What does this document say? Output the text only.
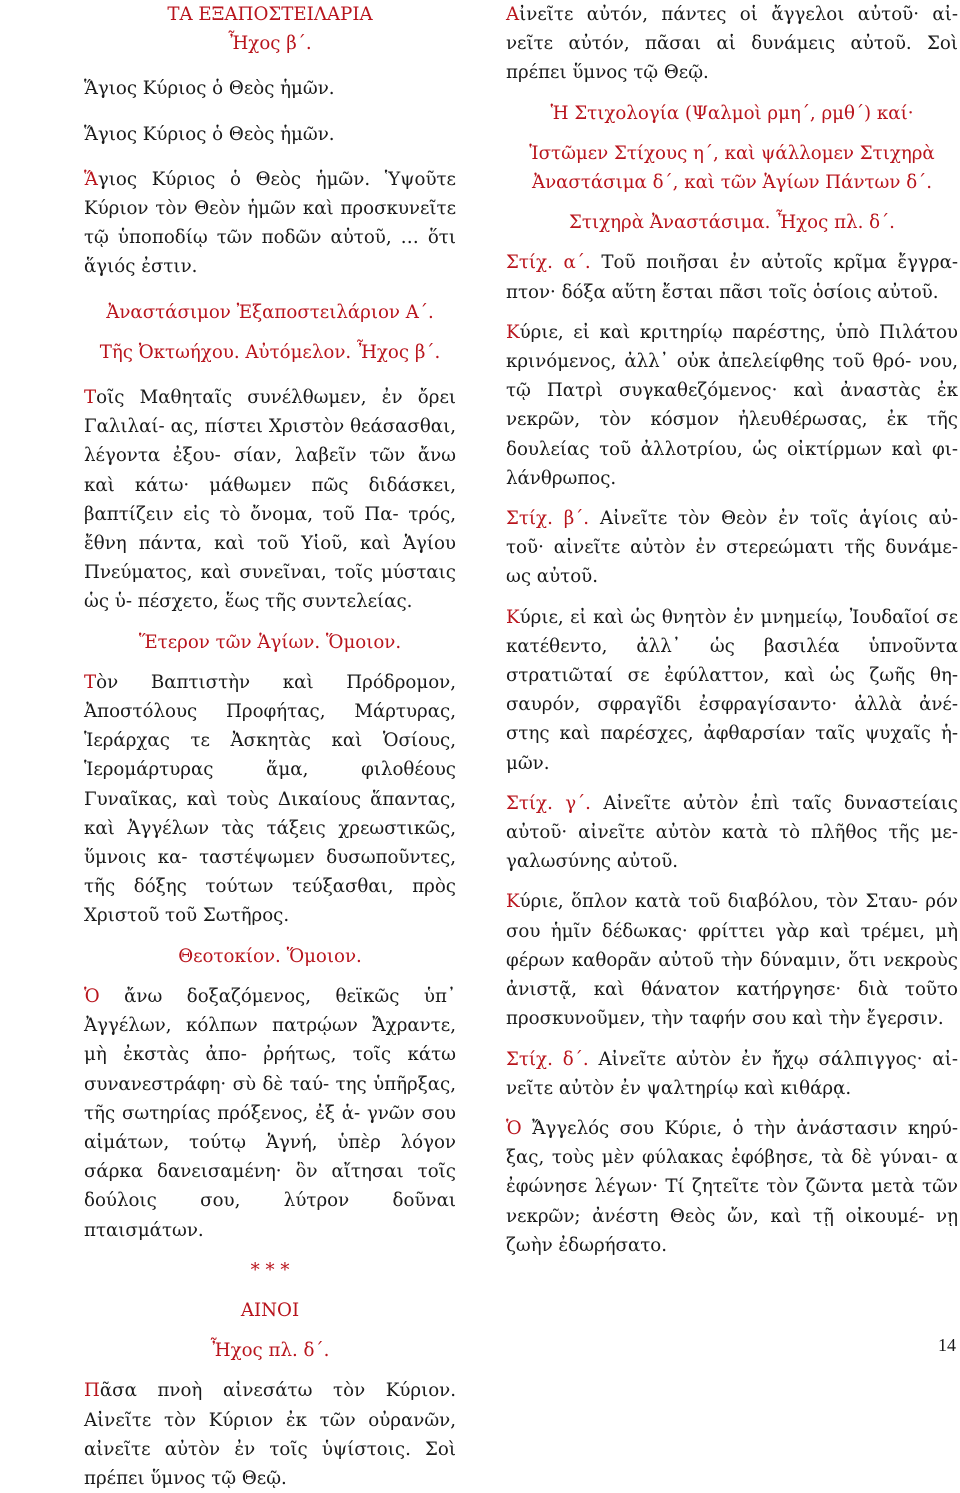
ΤΑ ΕΞΑΠΟΣΤΕΙΛΑΡΙΑ

Ἦχος β΄.

Ἅγιος Κύριος ὁ Θεὸς ἡμῶν.

Ἅγιος Κύριος ὁ Θεὸς ἡμῶν.

Ἅγιος Κύριος ὁ Θεὸς ἡμῶν. Ὑψοῦτε Κύριον τὸν Θεὸν ἡμῶν καὶ προσκυνεῖτε τῷ ὑποποδίῳ τῶν ποδῶν αὐτοῦ, … ὅτι ἅγιός ἐστιν.

Ἀναστάσιμον Ἐξαποστειλάριον Α΄.

Τῆς Ὀκτωήχου. Αὐτόμελον. Ἦχος β΄.

Τοῖς Μαθηταῖς συνέλθωμεν, ἐν ὄρει Γαλιλαί- ας, πίστει Χριστὸν θεάσασθαι, λέγοντα ἐξου- σίαν, λαβεῖν τῶν ἄνω καὶ κάτω· μάθωμεν πῶς διδάσκει, βαπτίζειν εἰς τὸ ὄνομα, τοῦ Πα- τρός, ἔθνη πάντα, καὶ τοῦ Υἱοῦ, καὶ Ἁγίου Πνεύματος, καὶ συνεῖναι, τοῖς μύσταις ὡς ὑ- πέσχετο, ἕως τῆς συντελείας.

Ἕτερον τῶν Ἁγίων. Ὅμοιον.

Τὸν Βαπτιστὴν καὶ Πρόδρομον, Ἀποστόλους Προφήτας, Μάρτυρας, Ἱεράρχας τε Ἀσκητὰς καὶ Ὁσίους, Ἱερομάρτυρας ἅμα, φιλοθέους Γυναῖκας, καὶ τοὺς Δικαίους ἅπαντας, καὶ Ἀγγέλων τὰς τάξεις χρεωστικῶς, ὕμνοις κα- ταστέψωμεν δυσωποῦντες, τῆς δόξης τούτων τεύξασθαι, πρὸς Χριστοῦ τοῦ Σωτῆρος.

Θεοτοκίον. Ὅμοιον.

Ὁ ἄνω δοξαζόμενος, θεϊκῶς ὑπ᾿ Ἀγγέλων, κόλπων πατρῴων Ἄχραντε, μὴ ἐκστὰς ἀπο- ῤρήτως, τοῖς κάτω συνανεστράφη· σὺ δὲ ταύ- της ὑπῆρξας, τῆς σωτηρίας πρόξενος, ἐξ ἁ- γνῶν σου αἱμάτων, τούτῳ Ἁγνή, ὑπὲρ λόγον σάρκα δανεισαμένη· ὃν αἴτησαι τοῖς δούλοις σου, λύτρον δοῦναι πταισμάτων.

* * *

ΑΙΝΟΙ

Ἦχος πλ. δ΄.

Πᾶσα πνοὴ αἰνεσάτω τὸν Κύριον. Αἰνεῖτε τὸν Κύριον ἐκ τῶν οὐρανῶν, αἰνεῖτε αὐτὸν ἐν τοῖς ὑψίστοις. Σοὶ πρέπει ὕμνος τῷ Θεῷ.

Αἰνεῖτε αὐτόν, πάντες οἱ ἄγγελοι αὐτοῦ· αἰ- νεῖτε αὐτόν, πᾶσαι αἱ δυνάμεις αὐτοῦ. Σοὶ πρέπει ὕμνος τῷ Θεῷ.

Ἡ Στιχολογία (Ψαλμοὶ ρμη΄, ρμθ΄) καί·

Ἱστῶμεν Στίχους η΄, καὶ ψάλλομεν Στιχηρὰ Ἀναστάσιμα δ΄, καὶ τῶν Ἁγίων Πάντων δ΄.

Στιχηρὰ Ἀναστάσιμα. Ἦχος πλ. δ΄.

Στίχ. α΄. Τοῦ ποιῆσαι ἐν αὐτοῖς κρῖμα ἔγγρα- πτον· δόξα αὕτη ἔσται πᾶσι τοῖς ὁσίοις αὐτοῦ.

Κύριε, εἰ καὶ κριτηρίῳ παρέστης, ὑπὸ Πιλάτου κρινόμενος, ἀλλ᾿ οὐκ ἀπελείφθης τοῦ θρό- νου, τῷ Πατρὶ συγκαθεζόμενος· καὶ ἀναστὰς ἐκ νεκρῶν, τὸν κόσμον ἠλευθέρωσας, ἐκ τῆς δουλείας τοῦ ἀλλοτρίου, ὡς οἰκτίρμων καὶ φι- λάνθρωπος.

Στίχ. β΄. Αἰνεῖτε τὸν Θεὸν ἐν τοῖς ἁγίοις αὐ- τοῦ· αἰνεῖτε αὐτὸν ἐν στερεώματι τῆς δυνάμε- ως αὐτοῦ.

Κύριε, εἰ καὶ ὡς θνητὸν ἐν μνημείῳ, Ἰουδαῖοί σε κατέθεντο, ἀλλ᾿ ὡς βασιλέα ὑπνοῦντα στρατιῶταί σε ἐφύλαττον, καὶ ὡς ζωῆς θη- σαυρόν, σφραγῖδι ἐσφραγίσαντο· ἀλλὰ ἀνέ- στης καὶ παρέσχες, ἀφθαρσίαν ταῖς ψυχαῖς ἡ- μῶν.

Στίχ. γ΄. Αἰνεῖτε αὐτὸν ἐπὶ ταῖς δυναστείαις αὐτοῦ· αἰνεῖτε αὐτὸν κατὰ τὸ πλῆθος τῆς με- γαλωσύνης αὐτοῦ.

Κύριε, ὅπλον κατὰ τοῦ διαβόλου, τὸν Σταυ- ρόν σου ἡμῖν δέδωκας· φρίττει γὰρ καὶ τρέμει, μὴ φέρων καθορᾶν αὐτοῦ τὴν δύναμιν, ὅτι νεκροὺς ἀνιστᾷ, καὶ θάνατον κατήργησε· διὰ τοῦτο προσκυνοῦμεν, τὴν ταφήν σου καὶ τὴν ἔγερσιν.

Στίχ. δ΄. Αἰνεῖτε αὐτὸν ἐν ἤχῳ σάλπιγγος· αἰ- νεῖτε αὐτὸν ἐν ψαλτηρίῳ καὶ κιθάρᾳ.

Ὁ Ἄγγελός σου Κύριε, ὁ τὴν ἀνάστασιν κηρύ- ξας, τοὺς μὲν φύλακας ἐφόβησε, τὰ δὲ γύναι- α ἐφώνησε λέγων· Τί ζητεῖτε τὸν ζῶντα μετὰ τῶν νεκρῶν; ἀνέστη Θεὸς ὤν, καὶ τῇ οἰκουμέ- νῃ ζωὴν ἐδωρήσατο.

14
